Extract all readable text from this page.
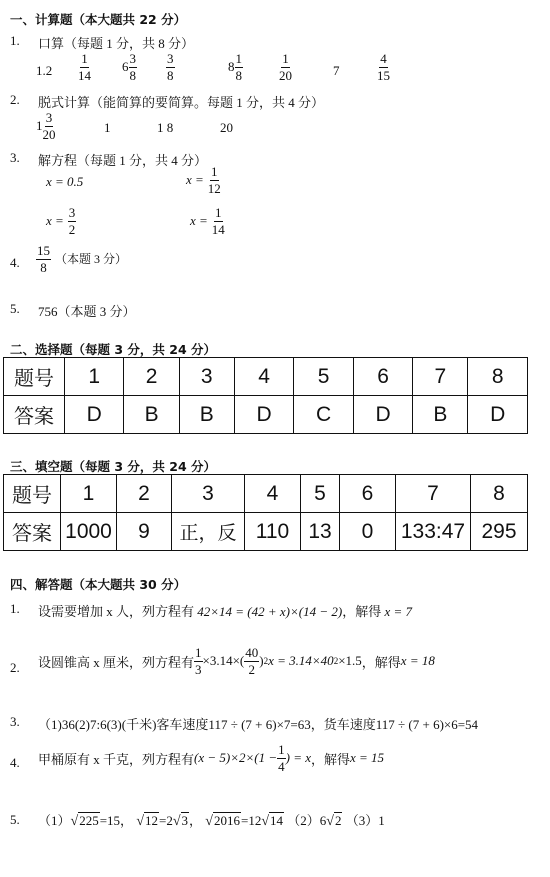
一、计算题（本大题共 22 分）
1. 口算（每题 1 分，共 8 分）
$1.2 \frac{1}{14} 6 \frac{3}{8} \frac{3}{8}$	$8 \frac{1}{8}$	$\frac{1}{20}$	7	$\frac{4}{15}$
2. 脱式计算（能简算的要简算。每题 1 分，共 4 分）
$1 \frac{3}{20}$	1	1 8	20
3. 解方程（每题 1 分，共 4 分）
x = 0.5	$x = \frac{1}{12}$
$x = \frac{3}{2}$	$x = \frac{1}{14}$
4. $\frac{15}{8}$ （本题 3 分）
5. 756（本题 3 分）
二、选择题（每题 3 分，共 24 分）
题号	1	2	3	4	5	6	7	8
答案	D	B	B	D	C	D	B	D
三、填空题（每题 3 分，共 24 分）
题号	1	2	3	4	5	6	7	8
答案	1000	9	正，反	110	13	0	133:47	295
四、解答题（本大题共 30 分）
1. 设需要增加 x 人，列方程有 42×14 = (42 + x)×(14 − 2)，解得 x = 7
2. 设圆锥高 x 厘米，列方程有 $\frac{1}{3} \times 3.14\times( \frac{40}{2}$ ) 2 x = 3.14×40 2 ×1.5 ，解得 x = 18
3. （1)36(2)7:6(3)(千米)客车速度117 ÷ (7 + 6)×7=63，货车速度117 ÷ (7 + 6)×6=54
4. 甲桶原有 x 千克，列方程有 $(x - 5)\times 2\times(1 - \frac{1}{4}$ ) = x ，解得 x = 15
5. （1）√225=15， √12=2√3， √2016=12√14 （2）6√2 （3）1
